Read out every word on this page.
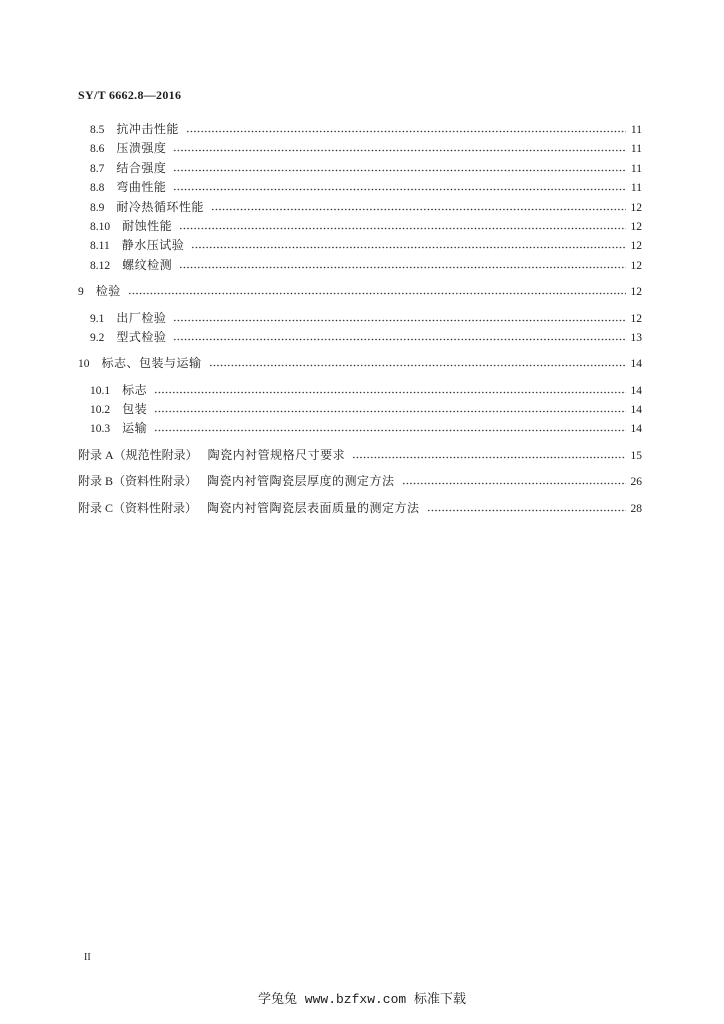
SY/T 6662.8—2016
8.5 抗冲击性能	11
8.6 压溃强度	11
8.7 结合强度	11
8.8 弯曲性能	11
8.9 耐冷热循环性能	12
8.10 耐蚀性能	12
8.11 静水压试验	12
8.12 螺纹检测	12
9 检验	12
9.1 出厂检验	12
9.2 型式检验	13
10 标志、包装与运输	14
10.1 标志	14
10.2 包装	14
10.3 运输	14
附录 A（规范性附录） 陶瓷内衬管规格尺寸要求	15
附录 B（资料性附录） 陶瓷内衬管陶瓷层厚度的测定方法	26
附录 C（资料性附录） 陶瓷内衬管陶瓷层表面质量的测定方法	28
II
学兔兔 www.bzfxw.com 标准下载
